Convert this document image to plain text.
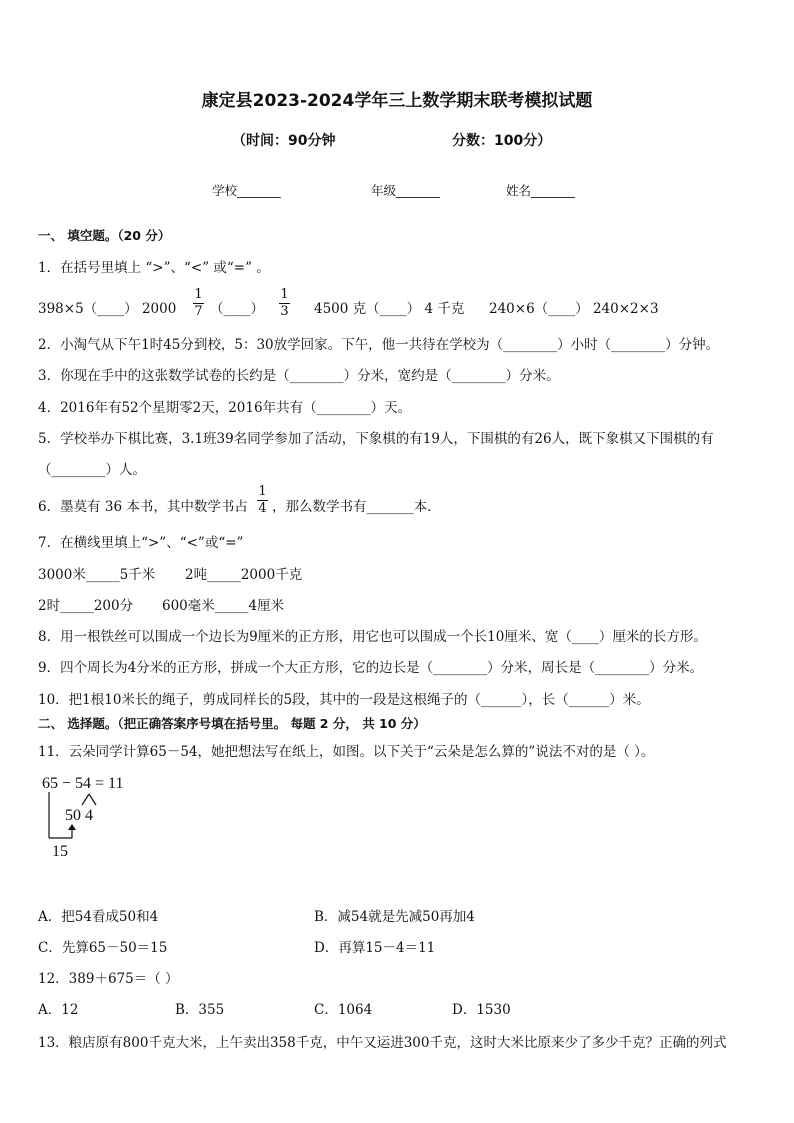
康定县2023-2024学年三上数学期末联考模拟试题
（时间：90分钟	分数：100分）
学校_______	年级_______	姓名_______
一、 填空题。（20 分）
1．在括号里填上 “>”、“<” 或“=” 。
398×5（____） 2000
1
7 （____）
1
3 4500 克（____） 4 千克 240×6（____） 240×2×3
2．小淘气从下午1时45分到校，5：30放学回家。下午，他一共待在学校为（________）小时（________）分钟。
3．你现在手中的这张数学试卷的长约是（________）分米，宽约是（________）分米。
4．2016年有52个星期零2天，2016年共有（________）天。
5．学校举办下棋比赛，3.1班39名同学参加了活动，下象棋的有19人，下围棋的有26人，既下象棋又下围棋的有
（________）人。
6．墨莫有 36 本书，其中数学书占
1
4 ，那么数学书有_______本．
7．在横线里填上“>”、“<”或“=”
3000米_____5千米 2吨_____2000千克
2时_____200分 600毫米_____4厘米
8．用一根铁丝可以围成一个边长为9厘米的正方形，用它也可以围成一个长10厘米、宽（____）厘米的长方形。
9．四个周长为4分米的正方形，拼成一个大正方形，它的边长是（________）分米，周长是（________）分米。
10．把1根10米长的绳子，剪成同样长的5段，其中的一段是这根绳子的（______），长（______）米。
二、 选择题。（把正确答案序号填在括号里。 每题 2 分， 共 10 分）
11．云朵同学计算65－54，她把想法写在纸上，如图。以下关于“云朵是怎么算的”说法不对的是（ ）。
65 − 54 = 11
50 4
15
A．把54看成50和4	B．减54就是先减50再加4
C．先算65－50＝15	D．再算15－4＝11
12．389＋675＝（ ）
A．12	B．355	C．1064	D．1530
13．粮店原有800千克大米，上午卖出358千克，中午又运进300千克，这时大米比原来少了多少千克？正确的列式
